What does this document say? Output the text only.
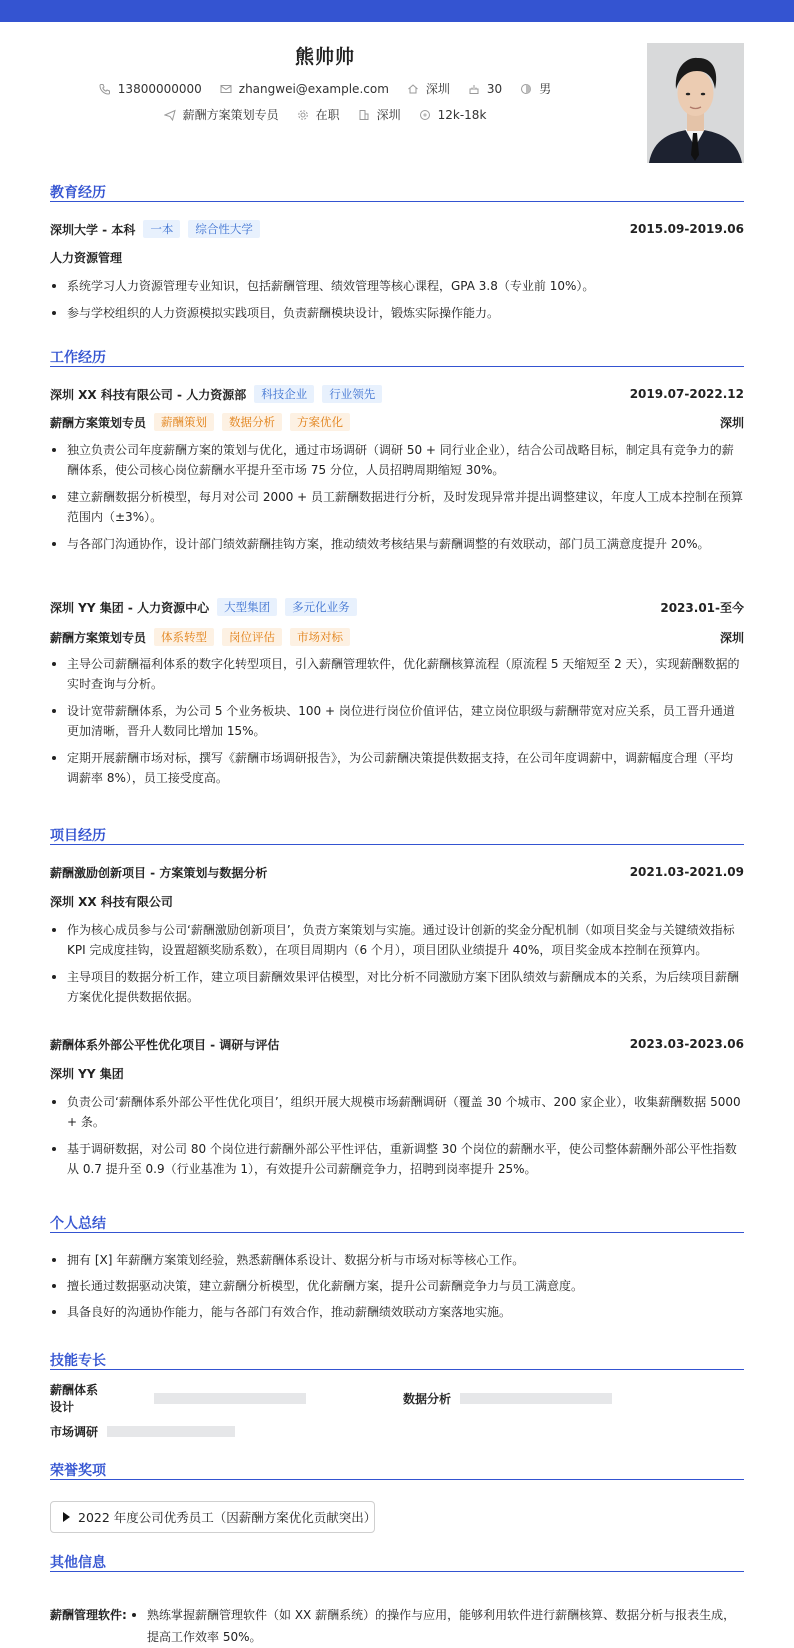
熊帅帅
13800000000	zhangwei@example.com	深圳	30	男
薪酬方案策划专员	在职	深圳	12k-18k
教育经历
深圳大学 - 本科	一本	综合性大学	2015.09-2019.06
人力资源管理
系统学习人力资源管理专业知识，包括薪酬管理、绩效管理等核心课程，GPA 3.8（专业前 10%）。
参与学校组织的人力资源模拟实践项目，负责薪酬模块设计，锻炼实际操作能力。
工作经历
深圳 XX 科技有限公司 - 人力资源部	科技企业	行业领先	2019.07-2022.12
薪酬方案策划专员	薪酬策划	数据分析	方案优化	深圳
独立负责公司年度薪酬方案的策划与优化，通过市场调研（调研 50 + 同行业企业），结合公司战略目标，制定具有竞争力的薪酬体系，使公司核心岗位薪酬水平提升至市场 75 分位，人员招聘周期缩短 30%。
建立薪酬数据分析模型，每月对公司 2000 + 员工薪酬数据进行分析，及时发现异常并提出调整建议，年度人工成本控制在预算范围内（±3%）。
与各部门沟通协作，设计部门绩效薪酬挂钩方案，推动绩效考核结果与薪酬调整的有效联动，部门员工满意度提升 20%。
深圳 YY 集团 - 人力资源中心	大型集团	多元化业务	2023.01-至今
薪酬方案策划专员	体系转型	岗位评估	市场对标	深圳
主导公司薪酬福利体系的数字化转型项目，引入薪酬管理软件，优化薪酬核算流程（原流程 5 天缩短至 2 天），实现薪酬数据的实时查询与分析。
设计宽带薪酬体系，为公司 5 个业务板块、100 + 岗位进行岗位价值评估，建立岗位职级与薪酬带宽对应关系，员工晋升通道更加清晰，晋升人数同比增加 15%。
定期开展薪酬市场对标，撰写《薪酬市场调研报告》，为公司薪酬决策提供数据支持，在公司年度调薪中，调薪幅度合理（平均调薪率 8%），员工接受度高。
项目经历
薪酬激励创新项目 - 方案策划与数据分析	2021.03-2021.09
深圳 XX 科技有限公司
作为核心成员参与公司‘薪酬激励创新项目’，负责方案策划与实施。通过设计创新的奖金分配机制（如项目奖金与关键绩效指标 KPI 完成度挂钩，设置超额奖励系数），在项目周期内（6 个月），项目团队业绩提升 40%，项目奖金成本控制在预算内。
主导项目的数据分析工作，建立项目薪酬效果评估模型，对比分析不同激励方案下团队绩效与薪酬成本的关系，为后续项目薪酬方案优化提供数据依据。
薪酬体系外部公平性优化项目 - 调研与评估	2023.03-2023.06
深圳 YY 集团
负责公司‘薪酬体系外部公平性优化项目’，组织开展大规模市场薪酬调研（覆盖 30 个城市、200 家企业），收集薪酬数据 5000 + 条。
基于调研数据，对公司 80 个岗位进行薪酬外部公平性评估，重新调整 30 个岗位的薪酬水平，使公司整体薪酬外部公平性指数从 0.7 提升至 0.9（行业基准为 1），有效提升公司薪酬竞争力，招聘到岗率提升 25%。
个人总结
拥有 [X] 年薪酬方案策划经验，熟悉薪酬体系设计、数据分析与市场对标等核心工作。
擅长通过数据驱动决策，建立薪酬分析模型，优化薪酬方案，提升公司薪酬竞争力与员工满意度。
具备良好的沟通协作能力，能与各部门有效合作，推动薪酬绩效联动方案落地实施。
技能专长
薪酬体系设计
数据分析
市场调研
荣誉奖项
2022 年度公司优秀员工（因薪酬方案优化贡献突出）
其他信息
薪酬管理软件:	熟练掌握薪酬管理软件（如 XX 薪酬系统）的操作与应用，能够利用软件进行薪酬核算、数据分析与报表生成，提高工作效率 50%。
